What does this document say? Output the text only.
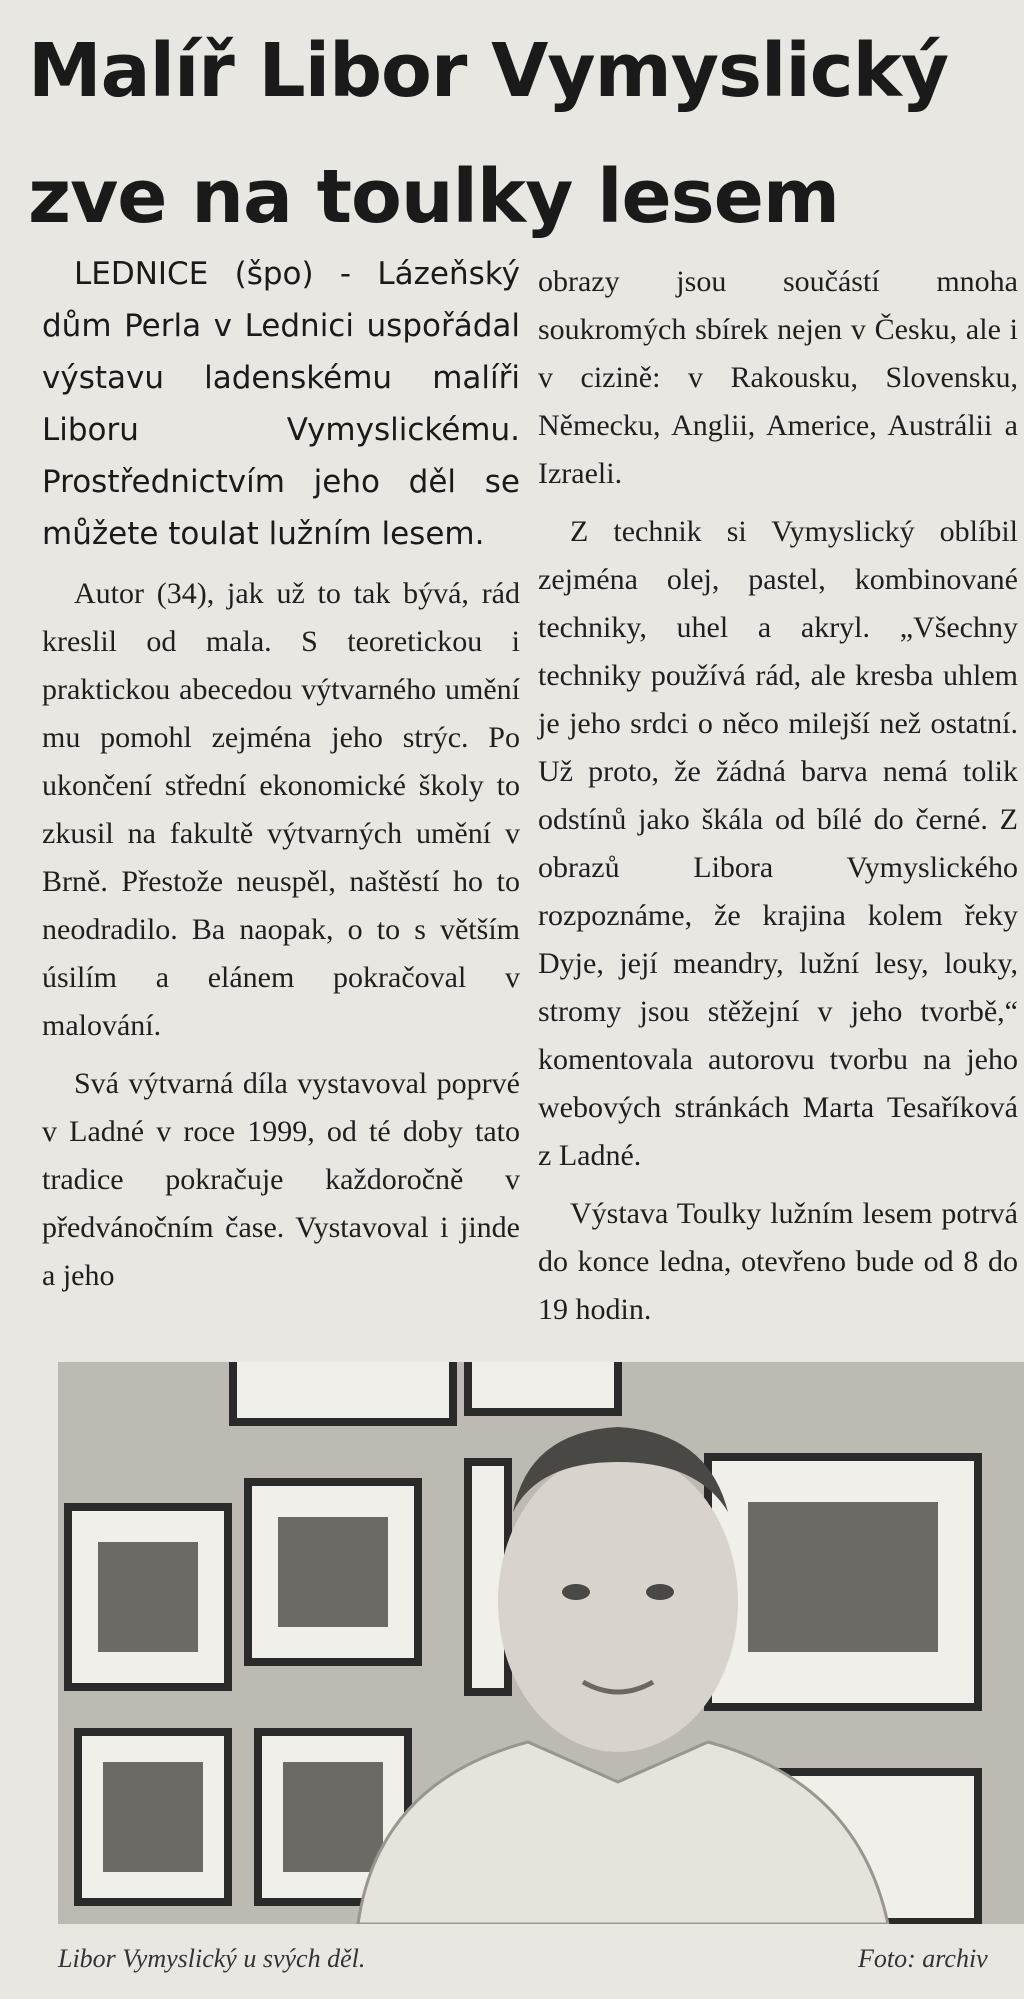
Malíř Libor Vymyslický
zve na toulky lesem

LEDNICE (špo) - Lázeňský dům Perla v Lednici uspořádal výstavu ladenskému malíři Liboru Vymyslickému. Prostřednictvím jeho děl se můžete toulat lužním lesem.

Autor (34), jak už to tak bývá, rád kreslil od mala. S teoretickou i praktickou abecedou výtvarného umění mu pomohl zejména jeho strýc. Po ukončení střední ekonomické školy to zkusil na fakultě výtvarných umění v Brně. Přestože neuspěl, naštěstí ho to neodradilo. Ba naopak, o to s větším úsilím a elánem pokračoval v malování.

Svá výtvarná díla vystavoval poprvé v Ladné v roce 1999, od té doby tato tradice pokračuje každoročně v předvánočním čase. Vystavoval i jinde a jeho

obrazy jsou součástí mnoha soukromých sbírek nejen v Česku, ale i v cizině: v Rakousku, Slovensku, Německu, Anglii, Americe, Austrálii a Izraeli.

Z technik si Vymyslický oblíbil zejména olej, pastel, kombinované techniky, uhel a akryl. „Všechny techniky používá rád, ale kresba uhlem je jeho srdci o něco milejší než ostatní. Už proto, že žádná barva nemá tolik odstínů jako škála od bílé do černé. Z obrazů Libora Vymyslického rozpoznáme, že krajina kolem řeky Dyje, její meandry, lužní lesy, louky, stromy jsou stěžejní v jeho tvorbě,“ komentovala autorovu tvorbu na jeho webových stránkách Marta Tesaříková z Ladné.

Výstava Toulky lužním lesem potrvá do konce ledna, otevřeno bude od 8 do 19 hodin.

Libor Vymyslický u svých děl.	Foto: archiv
